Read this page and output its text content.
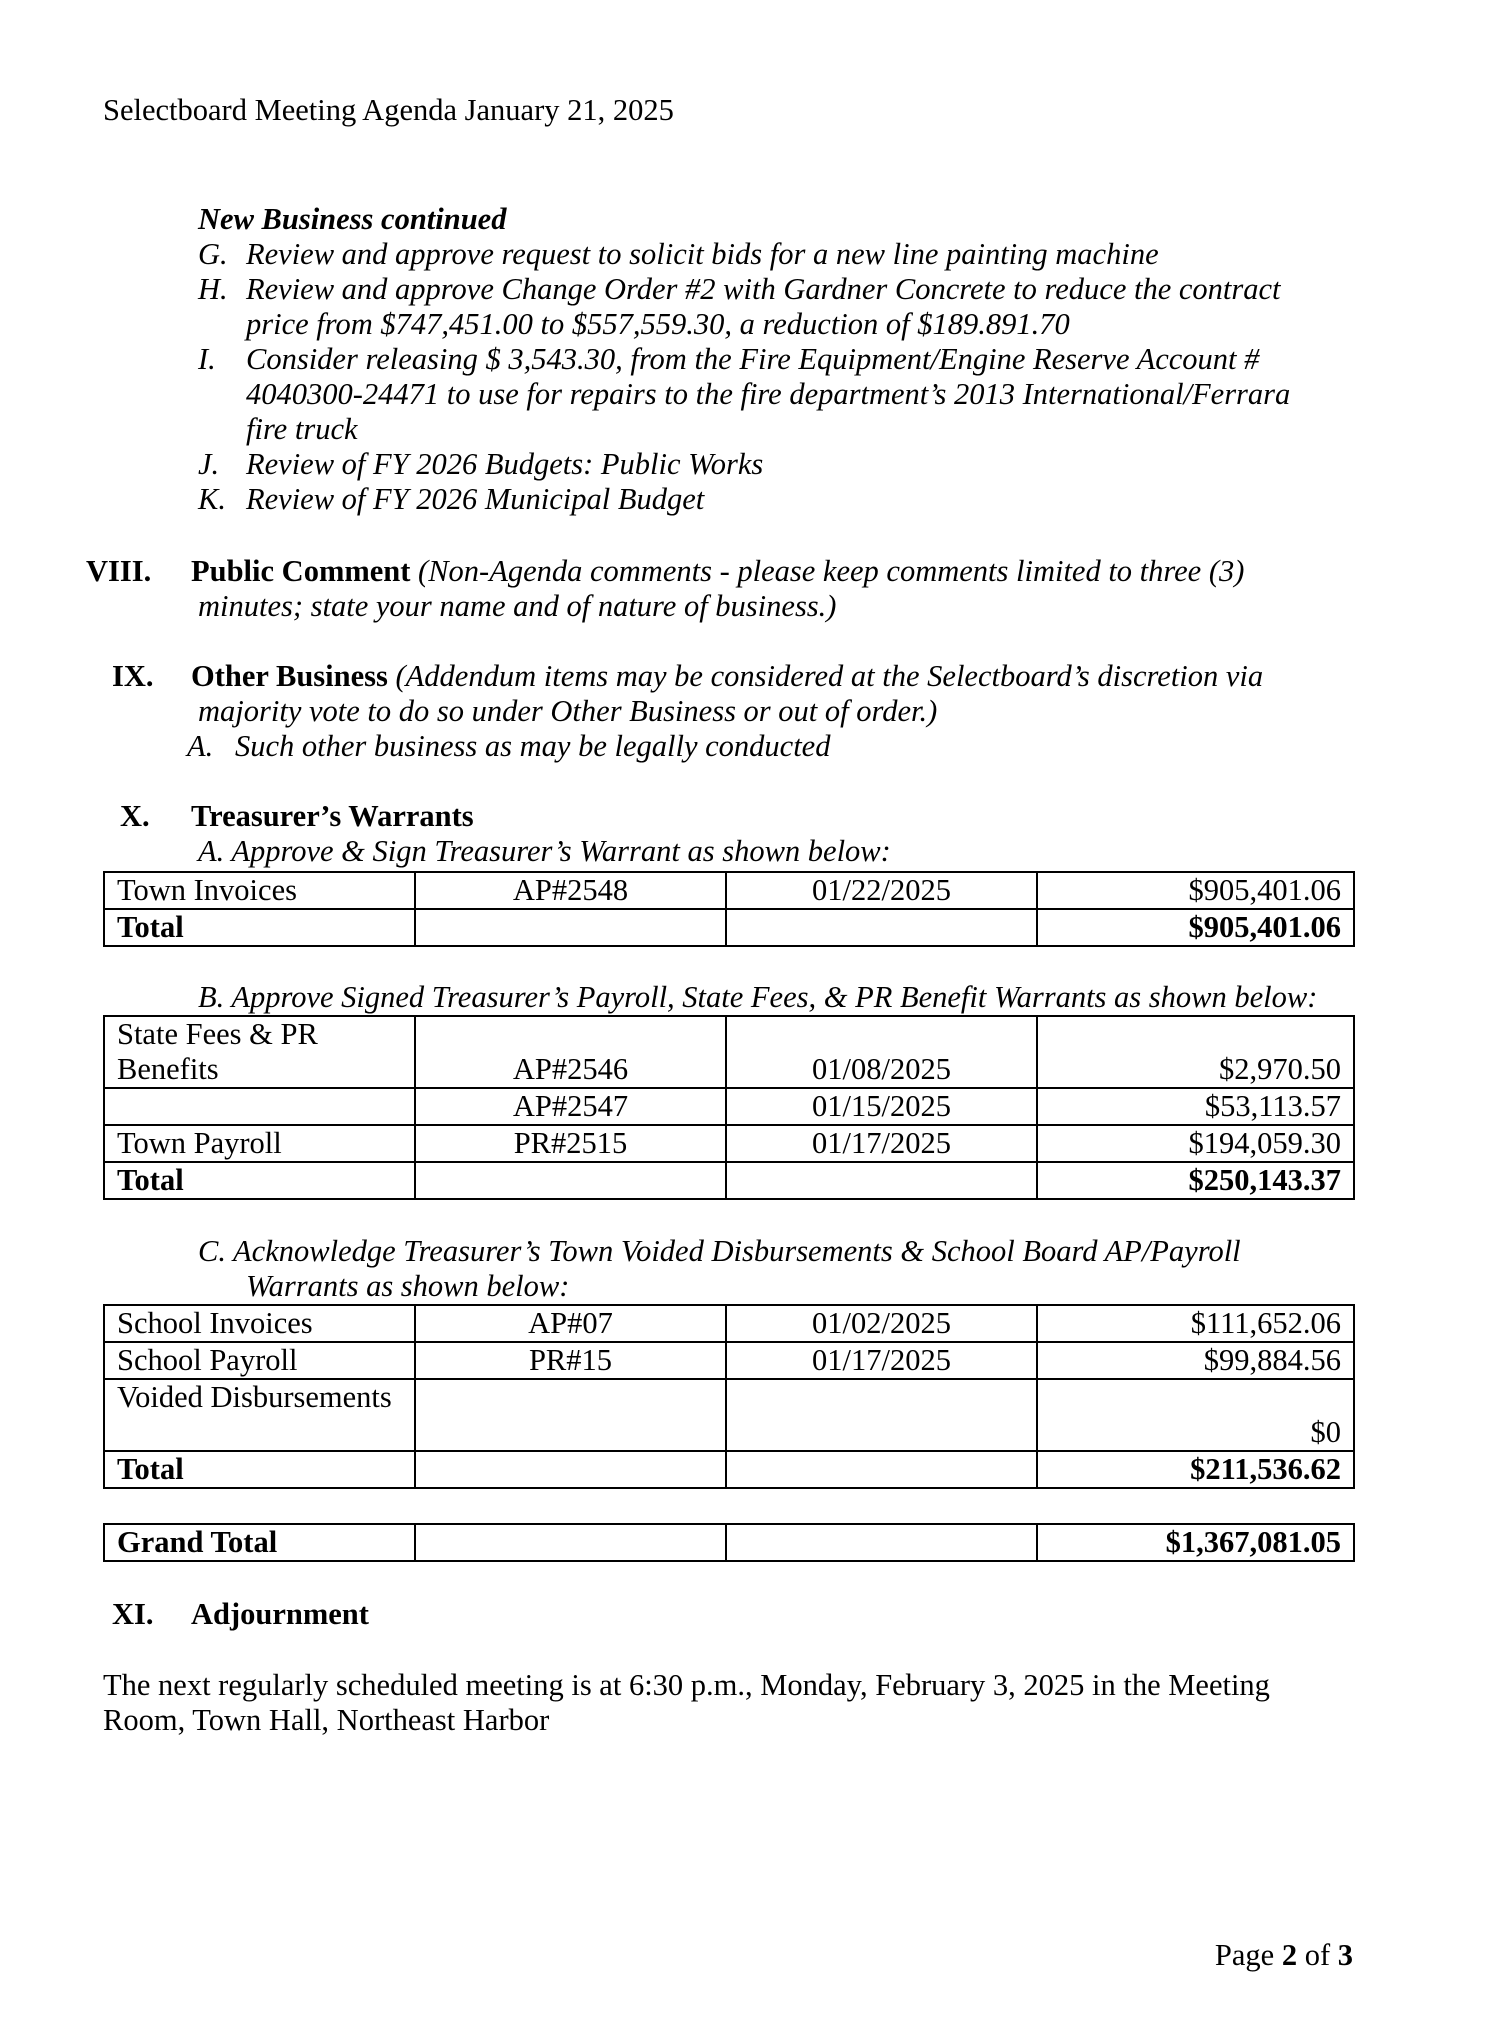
Selectboard Meeting Agenda January 21, 2025
New Business continued
G. Review and approve request to solicit bids for a new line painting machine
H. Review and approve Change Order #2 with Gardner Concrete to reduce the contract
price from $747,451.00 to $557,559.30, a reduction of $189.891.70
I. Consider releasing $ 3,543.30, from the Fire Equipment/Engine Reserve Account #
4040300-24471 to use for repairs to the fire department’s 2013 International/Ferrara
fire truck
J. Review of FY 2026 Budgets: Public Works
K. Review of FY 2026 Municipal Budget
VIII. Public Comment (Non-Agenda comments - please keep comments limited to three (3)
minutes; state your name and of nature of business.)
IX. Other Business (Addendum items may be considered at the Selectboard’s discretion via
majority vote to do so under Other Business or out of order.)
A. Such other business as may be legally conducted
X. Treasurer’s Warrants
A. Approve & Sign Treasurer’s Warrant as shown below:
Town Invoices	AP#2548	01/22/2025	$905,401.06
Total			$905,401.06
B. Approve Signed Treasurer’s Payroll, State Fees, & PR Benefit Warrants as shown below:
State Fees & PR
Benefits	AP#2546	01/08/2025	$2,970.50
	AP#2547	01/15/2025	$53,113.57
Town Payroll	PR#2515	01/17/2025	$194,059.30
Total			$250,143.37
C. Acknowledge Treasurer’s Town Voided Disbursements & School Board AP/Payroll
Warrants as shown below:
School Invoices	AP#07	01/02/2025	$111,652.06
School Payroll	PR#15	01/17/2025	$99,884.56
Voided Disbursements			$0
Total			$211,536.62
Grand Total			$1,367,081.05
XI. Adjournment
The next regularly scheduled meeting is at 6:30 p.m., Monday, February 3, 2025 in the Meeting
Room, Town Hall, Northeast Harbor
Page 2 of 3
